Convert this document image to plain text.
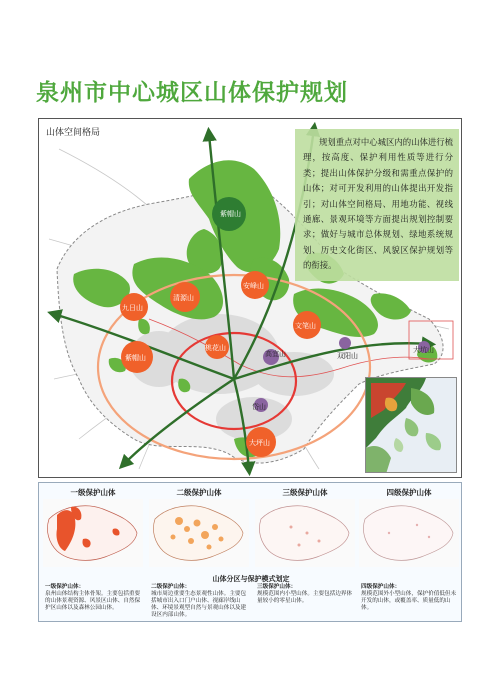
泉州市中心城区山体保护规划
山体空间格局
紫帽山
清源山
安峰山
九日山
文笔山
紫帽山	双阳山
桃花山
高宜山
大坪山
大坑山
岱山
规划重点对中心城区内的山体进行梳理，按高度、保护利用性质等进行分类；提出山体保护分级和需重点保护的山体；对可开发利用的山体提出开发指引；对山体空间格局、用地功能、视线通廊、景观环境等方面提出规划控制要求；做好与城市总体规划、绿地系统规划、历史文化街区、风貌区保护规划等的衔接。
一级保护山体	二级保护山体	三级保护山体	四级保护山体
山体分区与保护模式划定
一级保护山体：
泉州山体结构主体骨架。主要包括重要的山体景观资源、风景区山体、自然保护区山体以及森林公园山体。
二级保护山体：
城市周边重要生态景观性山体。主要包括城市出入口门户山体、视廊岸线山体、环境景观型自然与景观山体以及建设区内部山体。
三级保护山体：
规模范围内小型山体。主要包括边界体量较小的零星山体。
四级保护山体：
规模范围外小型山体，保护价值低但未开发的山体，或覆盖率、质量低的山体。
